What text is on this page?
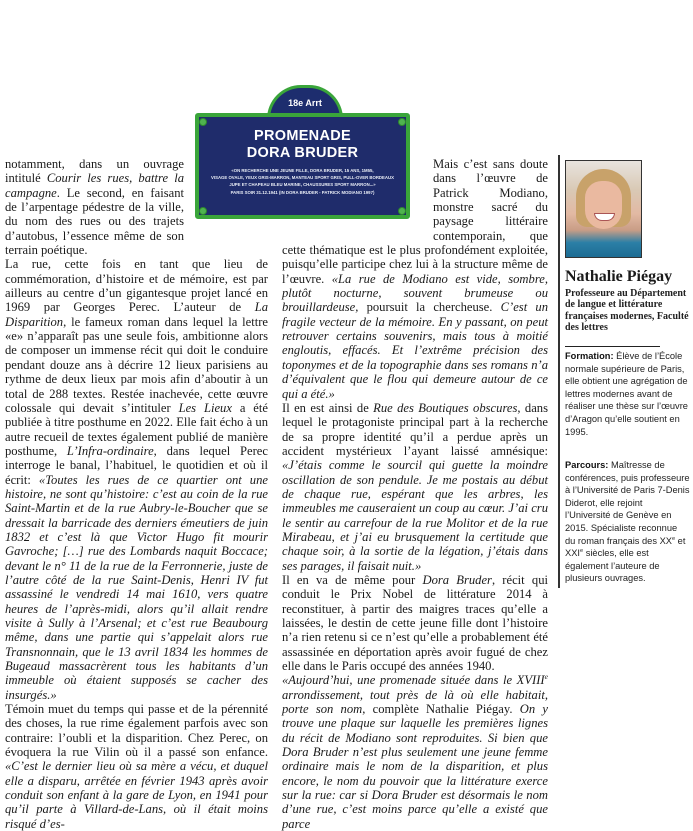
18e Arrt
PROMENADE
DORA BRUDER
«ON RECHERCHE UNE JEUNE FILLE, DORA BRUDER, 15 ANS, 1M55,
VISAGE OVALE, YEUX GRIS-MARRON, MANTEAU SPORT GRIS, PULL-OVER BORDEAUX
JUPE ET CHAPEAU BLEU MARINE, CHAUSSURES SPORT MARRON...»
PARIS SOIR 31.12.1941 (IN DORA BRUDER - PATRICK MODIANO 1997)

notamment, dans un ouvrage intitulé Courir les rues, battre la campagne. Le second, en faisant de l’arpentage pédestre de la ville, du nom des rues ou des trajets d’autobus, l’essence même de son terrain poétique.

La rue, cette fois en tant que lieu de commémoration, d’histoire et de mémoire, est par ailleurs au centre d’un gigantesque projet lancé en 1969 par Georges Perec. L’auteur de La Disparition, le fameux roman dans lequel la lettre «e» n’apparaît pas une seule fois, ambitionne alors de composer un immense récit qui doit le conduire pendant douze ans à décrire 12 lieux parisiens au rythme de deux lieux par mois afin d’aboutir à un total de 288 textes. Restée inachevée, cette œuvre colossale qui devait s’intituler Les Lieux a été publiée à titre posthume en 2022. Elle fait écho à un autre recueil de textes également publié de manière posthume, L’Infra-ordinaire, dans lequel Perec interroge le banal, l’habituel, le quotidien et où il écrit: «Toutes les rues de ce quartier ont une histoire, ne sont qu’histoire: c’est au coin de la rue Saint-Martin et de la rue Aubry-le-Boucher que se dressait la barricade des derniers émeutiers de juin 1832 et c’est là que Victor Hugo fit mourir Gavroche; […] rue des Lombards naquit Boccace; devant le n° 11 de la rue de la Ferronnerie, juste de l’autre côté de la rue Saint-Denis, Henri IV fut assassiné le vendredi 14 mai 1610, vers quatre heures de l’après-midi, alors qu’il allait rendre visite à Sully à l’Arsenal; et c’est rue Beaubourg même, dans une partie qui s’appelait alors rue Transnonnain, que le 13 avril 1834 les hommes de Bugeaud massacrèrent tous les habitants d’un immeuble où étaient supposés se cacher des insurgés.»

Témoin muet du temps qui passe et de la pérennité des choses, la rue rime également parfois avec son contraire: l’oubli et la disparition. Chez Perec, on évoquera la rue Vilin où il a passé son enfance. «C’est le dernier lieu où sa mère a vécu, et duquel elle a disparu, arrêtée en février 1943 après avoir conduit son enfant à la gare de Lyon, en 1941 pour qu’il parte à Villard-de-Lans, où il était moins risqué d’es-

Mais c’est sans doute dans l’œuvre de Patrick Modiano, monstre sacré du paysage littéraire contemporain, que cette thématique est le plus profondément exploitée, puisqu’elle participe chez lui à la structure même de l’œuvre. «La rue de Modiano est vide, sombre, plutôt nocturne, souvent brumeuse ou brouillardeuse, poursuit la chercheuse. C’est un fragile vecteur de la mémoire. En y passant, on peut retrouver certains souvenirs, mais tous à moitié engloutis, effacés. Et l’extrême précision des toponymes et de la topographie dans ses romans n’a d’équivalent que le flou qui demeure autour de ce qui a été.»

Il en est ainsi de Rue des Boutiques obscures, dans lequel le protagoniste principal part à la recherche de sa propre identité qu’il a perdue après un accident mystérieux l’ayant laissé amnésique: «J’étais comme le sourcil qui guette la moindre oscillation de son pendule. Je me postais au début de chaque rue, espérant que les arbres, les immeubles me causeraient un coup au cœur. J’ai cru le sentir au carrefour de la rue Molitor et de la rue Mirabeau, et j’ai eu brusquement la certitude que chaque soir, à la sortie de la légation, j’étais dans ses parages, il faisait nuit.»

Il en va de même pour Dora Bruder, récit qui conduit le Prix Nobel de littérature 2014 à reconstituer, à partir des maigres traces qu’elle a laissées, le destin de cette jeune fille dont l’histoire n’a rien retenu si ce n’est qu’elle a probablement été assassinée en déportation après avoir fugué de chez elle dans le Paris occupé des années 1940.

«Aujourd’hui, une promenade située dans le XVIIIe arrondissement, tout près de là où elle habitait, porte son nom, complète Nathalie Piégay. On y trouve une plaque sur laquelle les premières lignes du récit de Modiano sont reproduites. Si bien que Dora Bruder n’est plus seulement une jeune femme ordinaire mais le nom de la disparition, et plus encore, le nom du pouvoir que la littérature exerce sur la rue: car si Dora Bruder est désormais le nom d’une rue, c’est moins parce qu’elle a existé que parce

Nathalie Piégay
Professeure au Département de langue et littérature françaises modernes, Faculté des lettres
Formation: Élève de l’École normale supérieure de Paris, elle obtient une agrégation de lettres modernes avant de réaliser une thèse sur l’œuvre d’Aragon qu’elle soutient en 1995.
Parcours: Maîtresse de conférences, puis professeure à l’Université de Paris 7-Denis Diderot, elle rejoint l’Université de Genève en 2015. Spécialiste reconnue du roman français des XXe et XXIe siècles, elle est également l’auteure de plusieurs ouvrages.
